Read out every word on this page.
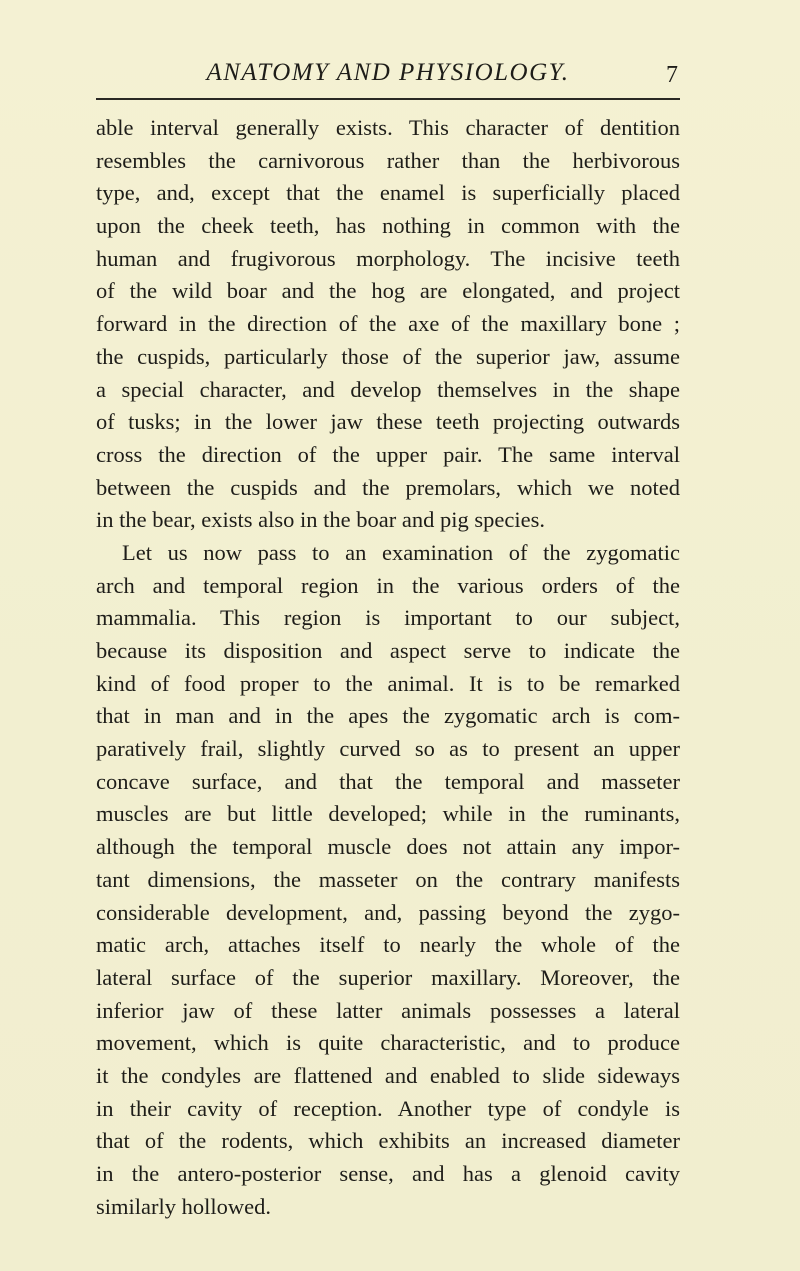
ANATOMY AND PHYSIOLOGY.	7
able interval generally exists. This character of dentition
resembles the carnivorous rather than the herbivorous
type, and, except that the enamel is superficially placed
upon the cheek teeth, has nothing in common with the
human and frugivorous morphology. The incisive teeth
of the wild boar and the hog are elongated, and project
forward in the direction of the axe of the maxillary bone ;
the cuspids, particularly those of the superior jaw, assume
a special character, and develop themselves in the shape
of tusks; in the lower jaw these teeth projecting outwards
cross the direction of the upper pair. The same interval
between the cuspids and the premolars, which we noted
in the bear, exists also in the boar and pig species.
Let us now pass to an examination of the zygomatic
arch and temporal region in the various orders of the
mammalia. This region is important to our subject,
because its disposition and aspect serve to indicate the
kind of food proper to the animal. It is to be remarked
that in man and in the apes the zygomatic arch is com-
paratively frail, slightly curved so as to present an upper
concave surface, and that the temporal and masseter
muscles are but little developed; while in the ruminants,
although the temporal muscle does not attain any impor-
tant dimensions, the masseter on the contrary manifests
considerable development, and, passing beyond the zygo-
matic arch, attaches itself to nearly the whole of the
lateral surface of the superior maxillary. Moreover, the
inferior jaw of these latter animals possesses a lateral
movement, which is quite characteristic, and to produce
it the condyles are flattened and enabled to slide sideways
in their cavity of reception. Another type of condyle is
that of the rodents, which exhibits an increased diameter
in the antero-posterior sense, and has a glenoid cavity
similarly hollowed.
